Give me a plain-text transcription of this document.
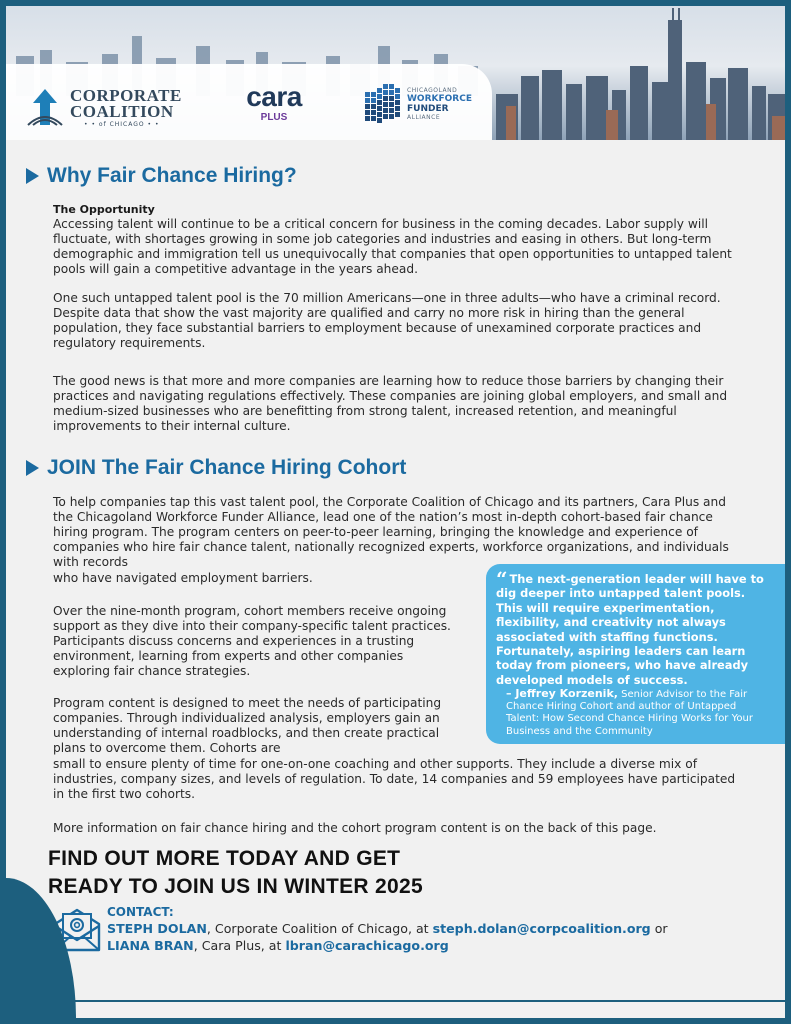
CORPORATE
COALITION
• • of CHICAGO • •
cara
PLUS
CHICAGOLAND
WORKFORCE
FUNDER
ALLIANCE
Why Fair Chance Hiring?
The Opportunity
Accessing talent will continue to be a critical concern for business in the coming decades. Labor supply will fluctuate, with shortages growing in some job categories and industries and easing in others. But long-term demographic and immigration tell us unequivocally that companies that open opportunities to untapped talent pools will gain a competitive advantage in the years ahead.
One such untapped talent pool is the 70 million Americans—one in three adults—who have a criminal record. Despite data that show the vast majority are qualified and carry no more risk in hiring than the general population, they face substantial barriers to employment because of unexamined corporate practices and regulatory requirements.
The good news is that more and more companies are learning how to reduce those barriers by changing their practices and navigating regulations effectively. These companies are joining global employers, and small and medium-sized businesses who are benefitting from strong talent, increased retention, and meaningful improvements to their internal culture.
JOIN The Fair Chance Hiring Cohort
To help companies tap this vast talent pool, the Corporate Coalition of Chicago and its partners, Cara Plus and the Chicagoland Workforce Funder Alliance, lead one of the nation’s most in-depth cohort-based fair chance hiring program. The program centers on peer-to-peer learning, bringing the knowledge and experience of companies who hire fair chance talent, nationally recognized experts, workforce organizations, and individuals with records
who have navigated employment barriers.
Over the nine-month program, cohort members receive ongoing support as they dive into their company-specific talent practices. Participants discuss concerns and experiences in a trusting environment, learning from experts and other companies exploring fair chance strategies.
Program content is designed to meet the needs of participating companies. Through individualized analysis, employers gain an understanding of internal roadblocks, and then create practical plans to overcome them. Cohorts are
small to ensure plenty of time for one-on-one coaching and other supports. They include a diverse mix of industries, company sizes, and levels of regulation. To date, 14 companies and 59 employees have participated in the first two cohorts.
More information on fair chance hiring and the cohort program content is on the back of this page.
“ The next-generation leader will have to dig deeper into untapped talent pools. This will require experimentation, flexibility, and creativity not always associated with staffing functions. Fortunately, aspiring leaders can learn today from pioneers, who have already developed models of success.
– Jeffrey Korzenik, Senior Advisor to the Fair Chance Hiring Cohort and author of Untapped Talent: How Second Chance Hiring Works for Your Business and the Community
FIND OUT MORE TODAY AND GET
READY TO JOIN US IN WINTER 2025
CONTACT:
STEPH DOLAN, Corporate Coalition of Chicago, at steph.dolan@corpcoalition.org or
LIANA BRAN, Cara Plus, at lbran@carachicago.org
